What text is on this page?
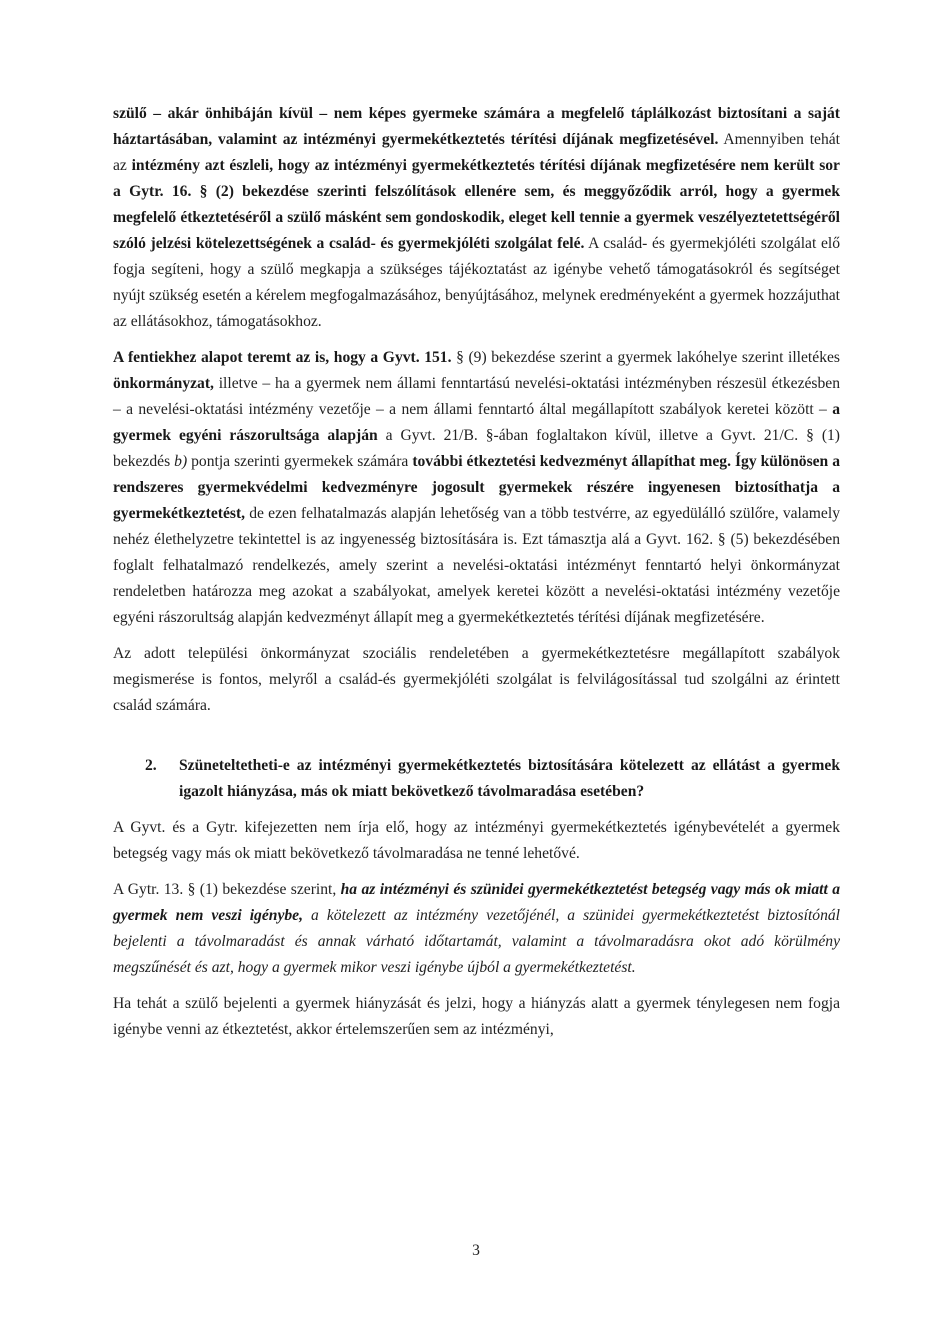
szülő – akár önhibáján kívül – nem képes gyermeke számára a megfelelő táplálkozást biztosítani a saját háztartásában, valamint az intézményi gyermekétkeztetés térítési díjának megfizetésével. Amennyiben tehát az intézmény azt észleli, hogy az intézményi gyermekétkeztetés térítési díjának megfizetésére nem került sor a Gytr. 16. § (2) bekezdése szerinti felszólítások ellenére sem, és meggyőződik arról, hogy a gyermek megfelelő étkeztetéséről a szülő másként sem gondoskodik, eleget kell tennie a gyermek veszélyeztetettségéről szóló jelzési kötelezettségének a család- és gyermekjóléti szolgálat felé. A család- és gyermekjóléti szolgálat elő fogja segíteni, hogy a szülő megkapja a szükséges tájékoztatást az igénybe vehető támogatásokról és segítséget nyújt szükség esetén a kérelem megfogalmazásához, benyújtásához, melynek eredményeként a gyermek hozzájuthat az ellátásokhoz, támogatásokhoz.

A fentiekhez alapot teremt az is, hogy a Gyvt. 151. § (9) bekezdése szerint a gyermek lakóhelye szerint illetékes önkormányzat, illetve – ha a gyermek nem állami fenntartású nevelési-oktatási intézményben részesül étkezésben – a nevelési-oktatási intézmény vezetője – a nem állami fenntartó által megállapított szabályok keretei között – a gyermek egyéni rászorultsága alapján a Gyvt. 21/B. §-ában foglaltakon kívül, illetve a Gyvt. 21/C. § (1) bekezdés b) pontja szerinti gyermekek számára további étkeztetési kedvezményt állapíthat meg. Így különösen a rendszeres gyermekvédelmi kedvezményre jogosult gyermekek részére ingyenesen biztosíthatja a gyermekétkeztetést, de ezen felhatalmazás alapján lehetőség van a több testvérre, az egyedülálló szülőre, valamely nehéz élethelyzetre tekintettel is az ingyenesség biztosítására is. Ezt támasztja alá a Gyvt. 162. § (5) bekezdésében foglalt felhatalmazó rendelkezés, amely szerint a nevelési-oktatási intézményt fenntartó helyi önkormányzat rendeletben határozza meg azokat a szabályokat, amelyek keretei között a nevelési-oktatási intézmény vezetője egyéni rászorultság alapján kedvezményt állapít meg a gyermekétkeztetés térítési díjának megfizetésére.

Az adott települési önkormányzat szociális rendeletében a gyermekétkeztetésre megállapított szabályok megismerése is fontos, melyről a család-és gyermekjóléti szolgálat is felvilágosítással tud szolgálni az érintett család számára.

2.	Szüneteltetheti-e az intézményi gyermekétkeztetés biztosítására kötelezett az ellátást a gyermek igazolt hiányzása, más ok miatt bekövetkező távolmaradása esetében?

A Gyvt. és a Gytr. kifejezetten nem írja elő, hogy az intézményi gyermekétkeztetés igénybevételét a gyermek betegség vagy más ok miatt bekövetkező távolmaradása ne tenné lehetővé.

A Gytr. 13. § (1) bekezdése szerint, ha az intézményi és szünidei gyermekétkeztetést betegség vagy más ok miatt a gyermek nem veszi igénybe, a kötelezett az intézmény vezetőjénél, a szünidei gyermekétkeztetést biztosítónál bejelenti a távolmaradást és annak várható időtartamát, valamint a távolmaradásra okot adó körülmény megszűnését és azt, hogy a gyermek mikor veszi igénybe újból a gyermekétkeztetést.

Ha tehát a szülő bejelenti a gyermek hiányzását és jelzi, hogy a hiányzás alatt a gyermek ténylegesen nem fogja igénybe venni az étkeztetést, akkor értelemszerűen sem az intézményi,

3
